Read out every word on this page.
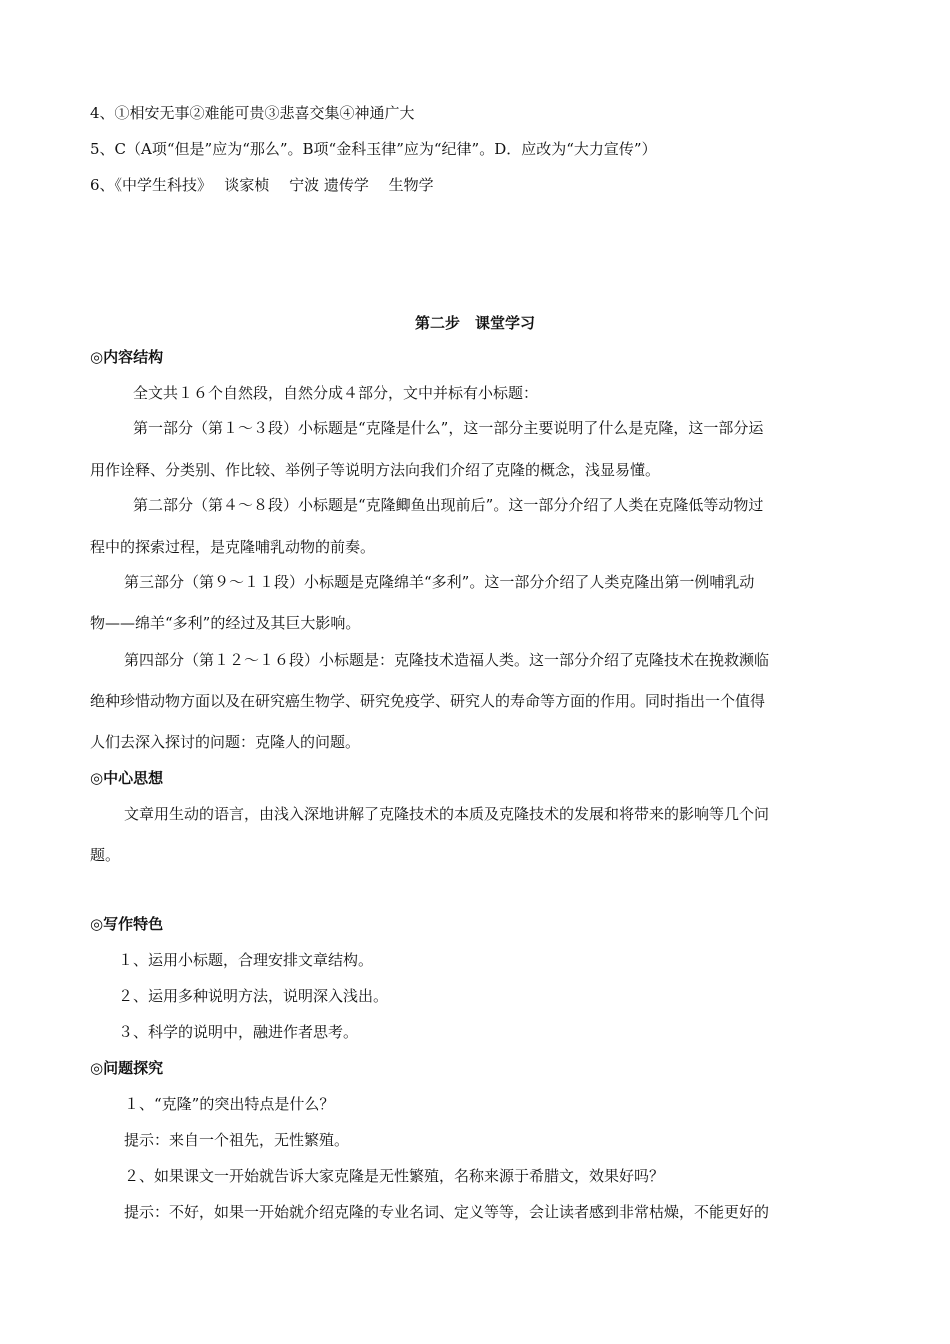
4、①相安无事②难能可贵③悲喜交集④神通广大
5、C（A项“但是”应为“那么”。B项“金科玉律”应为“纪律”。D．应改为“大力宣传”）
6、《中学生科技》　 谈家桢　 宁波 遗传学　 生物学
第二步　课堂学习
◎内容结构
全文共１６个自然段，自然分成４部分，文中并标有小标题：
第一部分（第１～３段）小标题是“克隆是什么”，这一部分主要说明了什么是克隆，这一部分运
用作诠释、分类别、作比较、举例子等说明方法向我们介绍了克隆的概念，浅显易懂。
第二部分（第４～８段）小标题是“克隆鲫鱼出现前后”。这一部分介绍了人类在克隆低等动物过
程中的探索过程，是克隆哺乳动物的前奏。
第三部分（第９～１１段）小标题是克隆绵羊“多利”。这一部分介绍了人类克隆出第一例哺乳动
物——绵羊“多利”的经过及其巨大影响。
第四部分（第１２～１６段）小标题是：克隆技术造福人类。这一部分介绍了克隆技术在挽救濒临
绝种珍惜动物方面以及在研究癌生物学、研究免疫学、研究人的寿命等方面的作用。同时指出一个值得
人们去深入探讨的问题：克隆人的问题。
◎中心思想
文章用生动的语言，由浅入深地讲解了克隆技术的本质及克隆技术的发展和将带来的影响等几个问
题。
◎写作特色
１、运用小标题，合理安排文章结构。
２、运用多种说明方法，说明深入浅出。
３、科学的说明中，融进作者思考。
◎问题探究
１、“克隆”的突出特点是什么？
提示：来自一个祖先，无性繁殖。
２、如果课文一开始就告诉大家克隆是无性繁殖，名称来源于希腊文，效果好吗？
提示：不好，如果一开始就介绍克隆的专业名词、定义等等，会让读者感到非常枯燥，不能更好的
